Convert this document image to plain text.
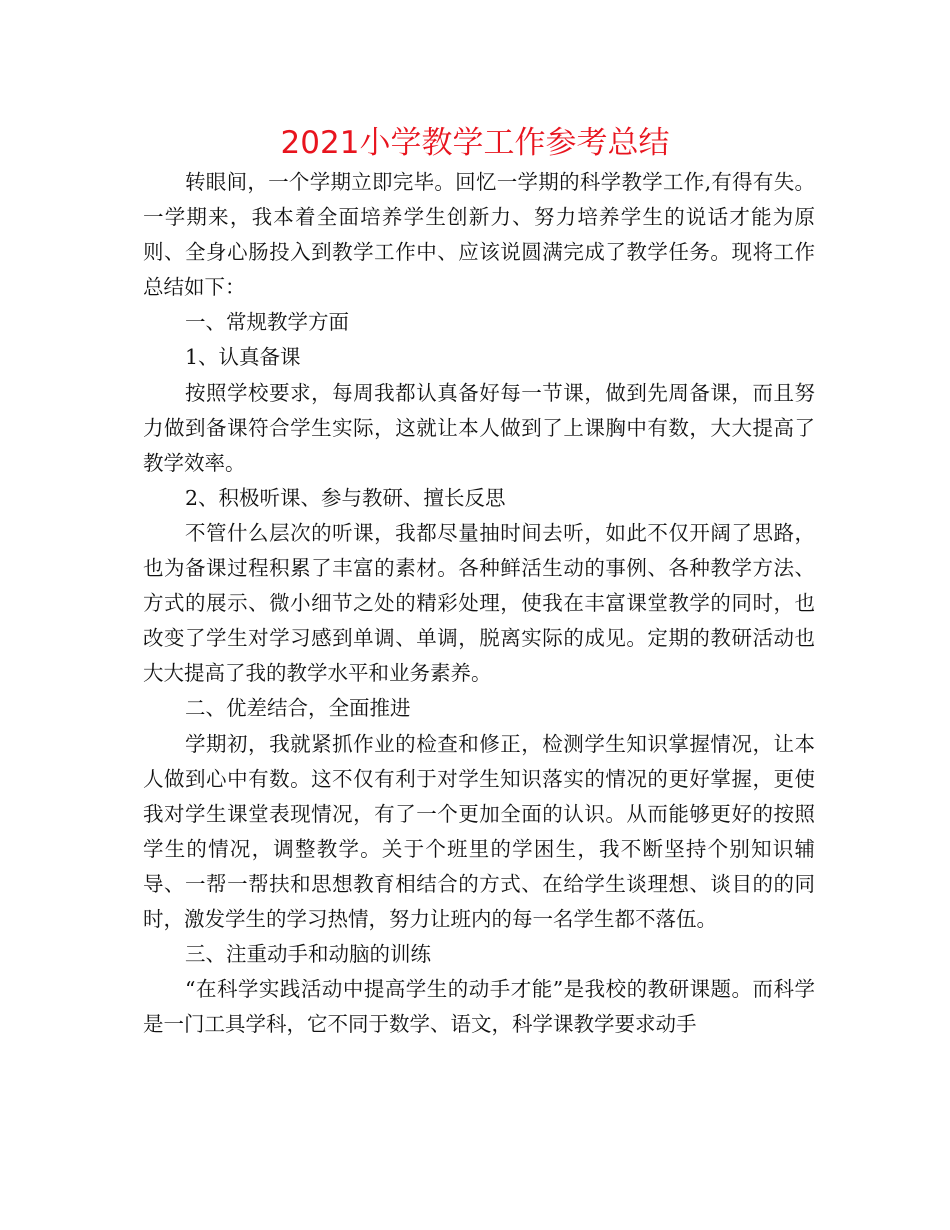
2021小学教学工作参考总结

转眼间，一个学期立即完毕。回忆一学期的科学教学工作,有得有失。一学期来，我本着全面培养学生创新力、努力培养学生的说话才能为原则、全身心肠投入到教学工作中、应该说圆满完成了教学任务。现将工作总结如下：

一、常规教学方面

1、认真备课

按照学校要求，每周我都认真备好每一节课，做到先周备课，而且努力做到备课符合学生实际，这就让本人做到了上课胸中有数，大大提高了教学效率。

2、积极听课、参与教研、擅长反思

不管什么层次的听课，我都尽量抽时间去听，如此不仅开阔了思路，也为备课过程积累了丰富的素材。各种鲜活生动的事例、各种教学方法、方式的展示、微小细节之处的精彩处理，使我在丰富课堂教学的同时，也改变了学生对学习感到单调、单调，脱离实际的成见。定期的教研活动也大大提高了我的教学水平和业务素养。

二、优差结合，全面推进

学期初，我就紧抓作业的检查和修正，检测学生知识掌握情况，让本人做到心中有数。这不仅有利于对学生知识落实的情况的更好掌握，更使我对学生课堂表现情况，有了一个更加全面的认识。从而能够更好的按照学生的情况，调整教学。关于个班里的学困生，我不断坚持个别知识辅导、一帮一帮扶和思想教育相结合的方式、在给学生谈理想、谈目的的同时，激发学生的学习热情，努力让班内的每一名学生都不落伍。

三、注重动手和动脑的训练

“在科学实践活动中提高学生的动手才能”是我校的教研课题。而科学是一门工具学科，它不同于数学、语文，科学课教学要求动手
